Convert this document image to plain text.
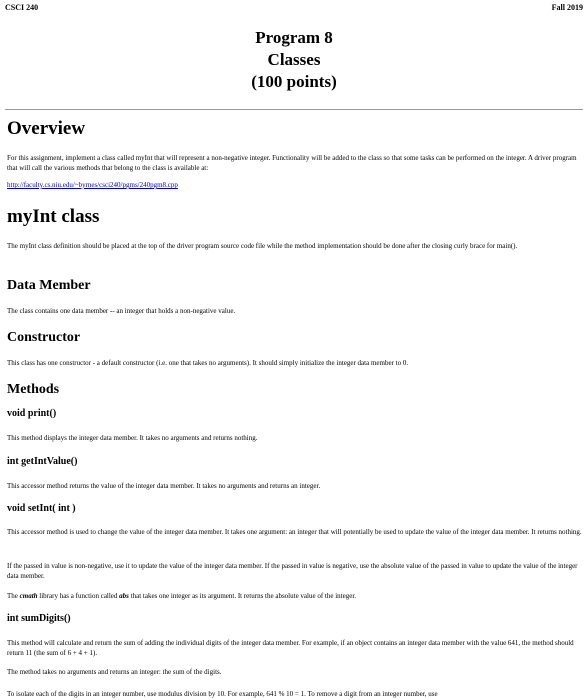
CSCI 240	Fall 2019
Program 8
Classes
(100 points)
Overview
For this assignment, implement a class called myInt that will represent a non-negative integer. Functionality will be added to the class so that some tasks can be performed on the integer. A driver program that will call the various methods that belong to the class is available at:
http://faculty.cs.niu.edu/~byrnes/csci240/pgms/240pgm8.cpp
myInt class
The myInt class definition should be placed at the top of the driver program source code file while the method implementation should be done after the closing curly brace for main().
Data Member
The class contains one data member -- an integer that holds a non-negative value.
Constructor
This class has one constructor - a default constructor (i.e. one that takes no arguments). It should simply initialize the integer data member to 0.
Methods
void print()
This method displays the integer data member. It takes no arguments and returns nothing.
int getIntValue()
This accessor method returns the value of the integer data member. It takes no arguments and returns an integer.
void setInt( int )
This accessor method is used to change the value of the integer data member. It takes one argument: an integer that will potentially be used to update the value of the integer data member. It returns nothing.
If the passed in value is non-negative, use it to update the value of the integer data member. If the passed in value is negative, use the absolute value of the passed in value to update the value of the integer data member.
The cmath library has a function called abs that takes one integer as its argument. It returns the absolute value of the integer.
int sumDigits()
This method will calculate and return the sum of adding the individual digits of the integer data member. For example, if an object contains an integer data member with the value 641, the method should return 11 (the sum of 6 + 4 + 1).
The method takes no arguments and returns an integer: the sum of the digits.
To isolate each of the digits in an integer number, use modulus division by 10. For example, 641 % 10 = 1. To remove a digit from an integer number, use
